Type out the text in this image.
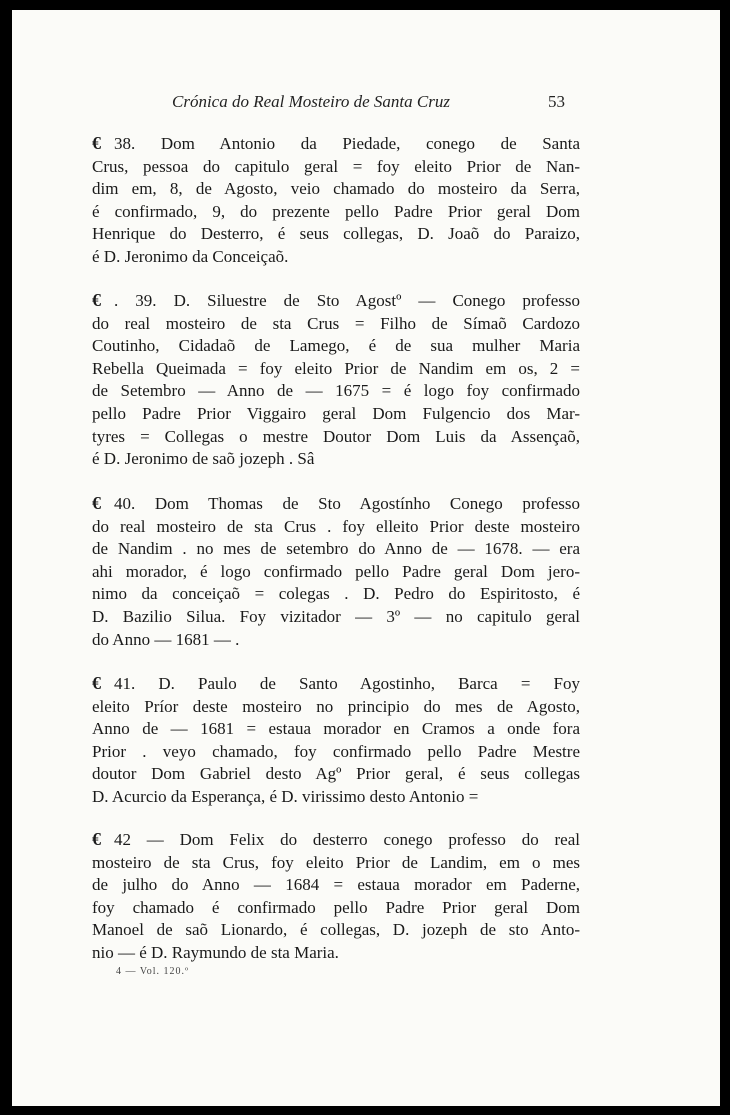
Crónica do Real Mosteiro de Santa Cruz	53
€ 38. Dom Antonio da Piedade, conego de Santa
Crus, pessoa do capitulo geral = foy eleito Prior de Nan-
dim em, 8, de Agosto, veio chamado do mosteiro da Serra,
é confirmado, 9, do prezente pello Padre Prior geral Dom
Henrique do Desterro, é seus collegas, D. Joaõ do Paraizo,
é D. Jeronimo da Conceiçaõ.
€ . 39. D. Siluestre de Sto Agostº — Conego professo
do real mosteiro de sta Crus = Filho de Símaõ Cardozo
Coutinho, Cidadaõ de Lamego, é de sua mulher Maria
Rebella Queimada = foy eleito Prior de Nandim em os, 2 =
de Setembro — Anno de — 1675 = é logo foy confirmado
pello Padre Prior Viggairo geral Dom Fulgencio dos Mar-
tyres = Collegas o mestre Doutor Dom Luis da Assençaõ,
é D. Jeronimo de saõ jozeph . Sâ
€ 40. Dom Thomas de Sto Agostínho Conego professo
do real mosteiro de sta Crus . foy elleito Prior deste mosteiro
de Nandim . no mes de setembro do Anno de — 1678. — era
ahi morador, é logo confirmado pello Padre geral Dom jero-
nimo da conceiçaõ = colegas . D. Pedro do Espiritosto, é
D. Bazilio Silua. Foy vizitador — 3º — no capitulo geral
do Anno — 1681 — .
€ 41. D. Paulo de Santo Agostinho, Barca = Foy
eleito Príor deste mosteiro no principio do mes de Agosto,
Anno de — 1681 = estaua morador en Cramos a onde fora
Prior . veyo chamado, foy confirmado pello Padre Mestre
doutor Dom Gabriel desto Agº Prior geral, é seus collegas
D. Acurcio da Esperança, é D. virissimo desto Antonio =
€ 42 — Dom Felix do desterro conego professo do real
mosteiro de sta Crus, foy eleito Prior de Landim, em o mes
de julho do Anno — 1684 = estaua morador em Paderne,
foy chamado é confirmado pello Padre Prior geral Dom
Manoel de saõ Lionardo, é collegas, D. jozeph de sto Anto-
nio — é D. Raymundo de sta Maria.
4 — Vol. 120.º
